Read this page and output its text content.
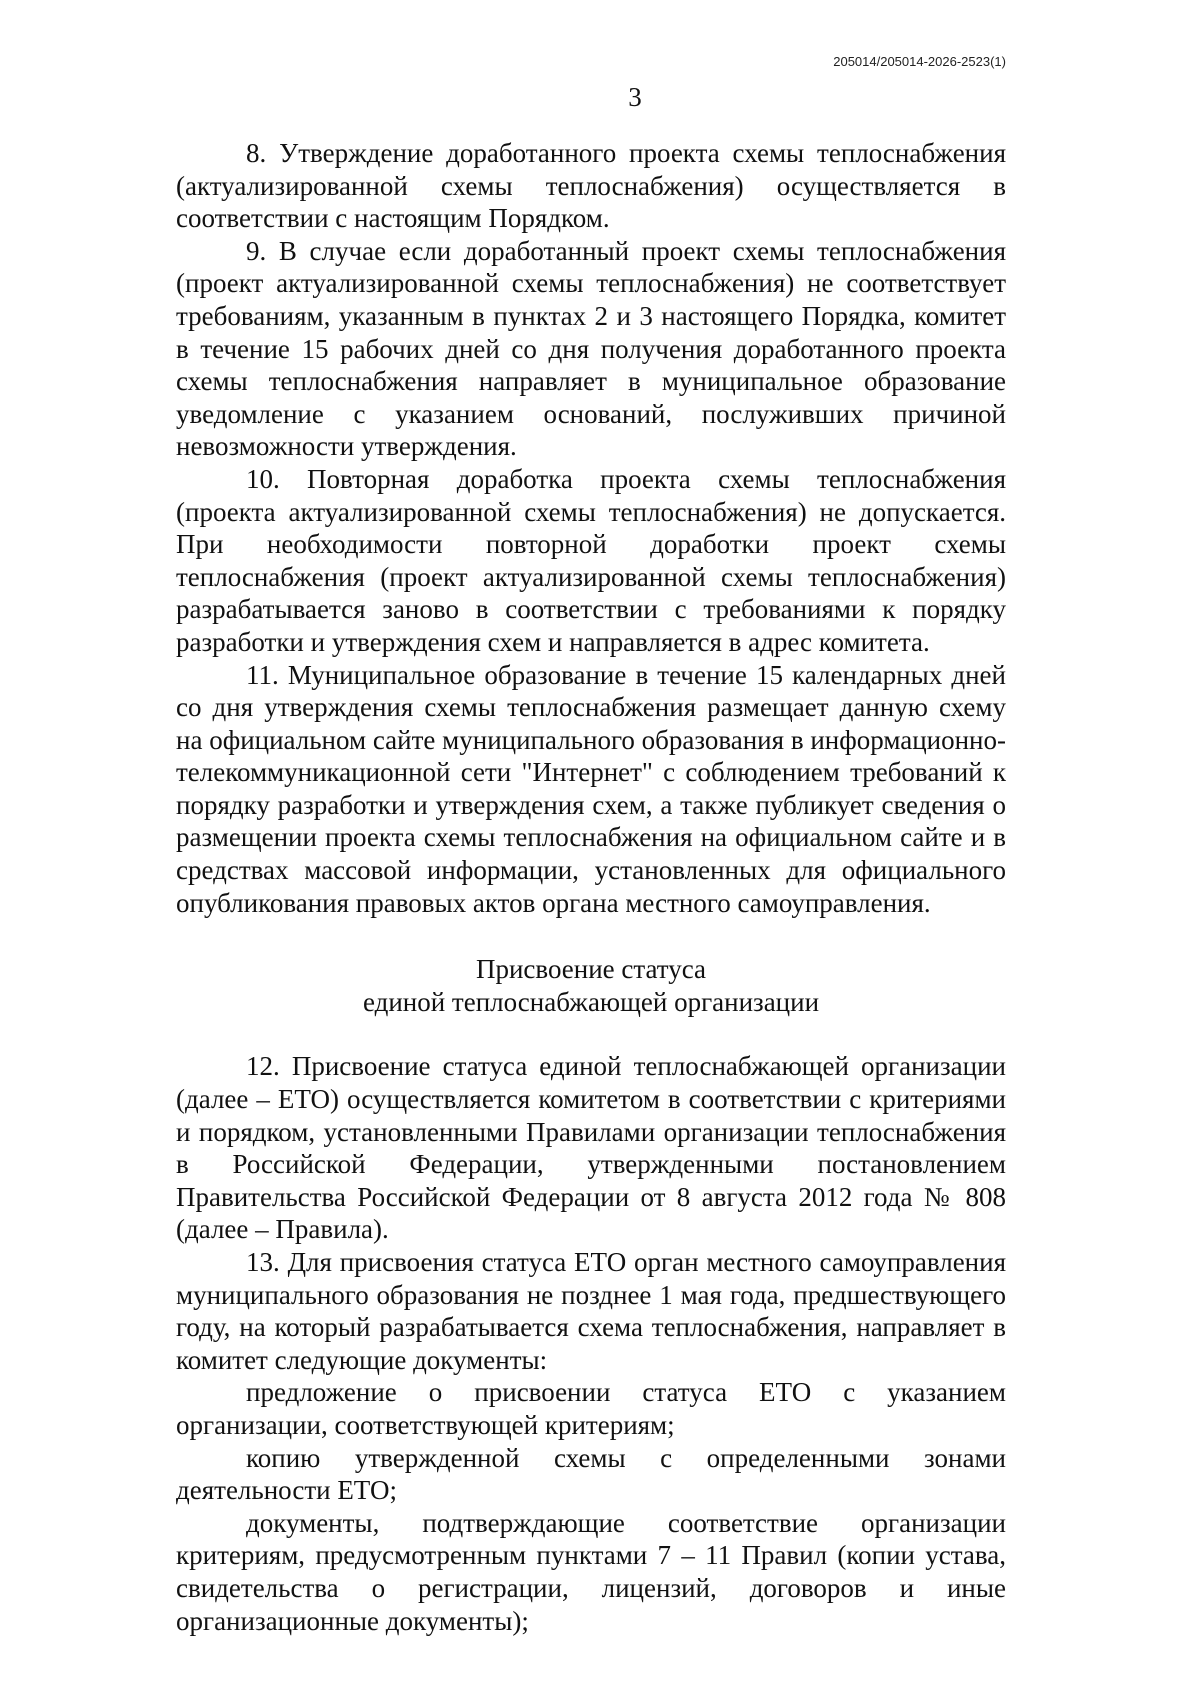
205014/205014-2026-2523(1)
3

8. Утверждение доработанного проекта схемы теплоснабжения (актуализированной схемы теплоснабжения) осуществляется в соответствии с настоящим Порядком.

9. В случае если доработанный проект схемы теплоснабжения (проект актуализированной схемы теплоснабжения) не соответствует требованиям, указанным в пунктах 2 и 3 настоящего Порядка, комитет в течение 15 рабочих дней со дня получения доработанного проекта схемы теплоснабжения направляет в муниципальное образование уведомление с указанием оснований, послуживших причиной невозможности утверждения.

10. Повторная доработка проекта схемы теплоснабжения (проекта актуализированной схемы теплоснабжения) не допускается. При необходимости повторной доработки проект схемы теплоснабжения (проект актуализированной схемы теплоснабжения) разрабатывается заново в соответствии с требованиями к порядку разработки и утверждения схем и направляется в адрес комитета.

11. Муниципальное образование в течение 15 календарных дней со дня утверждения схемы теплоснабжения размещает данную схему на официальном сайте муниципального образования в информационно-телекоммуникационной сети "Интернет" с соблюдением требований к порядку разработки и утверждения схем, а также публикует сведения о размещении проекта схемы теплоснабжения на официальном сайте и в средствах массовой информации, установленных для официального опубликования правовых актов органа местного самоуправления.

Присвоение статуса

единой теплоснабжающей организации

12. Присвоение статуса единой теплоснабжающей организации (далее – ЕТО) осуществляется комитетом в соответствии с критериями и порядком, установленными Правилами организации теплоснабжения в Российской Федерации, утвержденными постановлением Правительства Российской Федерации от 8 августа 2012 года № 808 (далее – Правила).

13. Для присвоения статуса ЕТО орган местного самоуправления муниципального образования не позднее 1 мая года, предшествующего году, на который разрабатывается схема теплоснабжения, направляет в комитет следующие документы:

предложение о присвоении статуса ЕТО с указанием организации, соответствующей критериям;

копию утвержденной схемы с определенными зонами деятельности ЕТО;

документы, подтверждающие соответствие организации критериям, предусмотренным пунктами 7 – 11 Правил (копии устава, свидетельства о регистрации, лицензий, договоров и иные организационные документы);
